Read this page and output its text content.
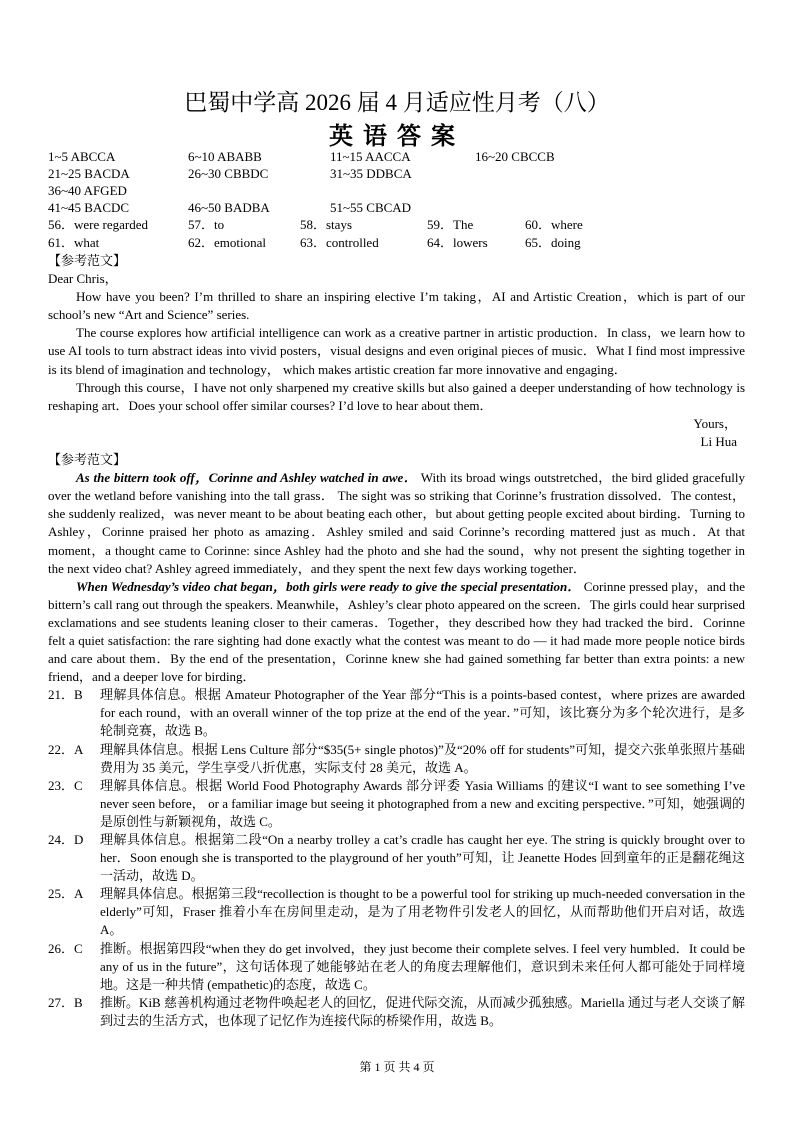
巴蜀中学高 2026 届 4 月适应性月考（八）
英语答案
1~5 ABCCA	6~10 ABABB	11~15 AACCA	16~20 CBCCB
21~25 BACDA	26~30 CBBDC	31~35 DDBCA
36~40 AFGED
41~45 BACDC	46~50 BADBA	51~55 CBCAD
56．were regarded	57．to	58．stays	59．The	60．where
61．what	62．emotional	63．controlled	64．lowers	65．doing

【参考范文】

Dear Chris，

How have you been? I’m thrilled to share an inspiring elective I’m taking，AI and Artistic Creation，which is part of our school’s new “Art and Science” series.

The course explores how artificial intelligence can work as a creative partner in artistic production．In class，we learn how to use AI tools to turn abstract ideas into vivid posters，visual designs and even original pieces of music．What I find most impressive is its blend of imagination and technology， which makes artistic creation far more innovative and engaging．

Through this course，I have not only sharpened my creative skills but also gained a deeper understanding of how technology is reshaping art．Does your school offer similar courses? I’d love to hear about them．

Yours，

Li Hua

【参考范文】

As the bittern took off，Corinne and Ashley watched in awe． With its broad wings outstretched，the bird glided gracefully over the wetland before vanishing into the tall grass． The sight was so striking that Corinne’s frustration dissolved．The contest，she suddenly realized，was never meant to be about beating each other，but about getting people excited about birding．Turning to Ashley，Corinne praised her photo as amazing．Ashley smiled and said Corinne’s recording mattered just as much．At that moment，a thought came to Corinne: since Ashley had the photo and she had the sound，why not present the sighting together in the next video chat? Ashley agreed immediately，and they spent the next few days working together．

When Wednesday’s video chat began，both girls were ready to give the special presentation． Corinne pressed play，and the bittern’s call rang out through the speakers. Meanwhile，Ashley’s clear photo appeared on the screen．The girls could hear surprised exclamations and see students leaning closer to their cameras．Together，they described how they had tracked the bird．Corinne felt a quiet satisfaction: the rare sighting had done exactly what the contest was meant to do — it had made more people notice birds and care about them．By the end of the presentation，Corinne knew she had gained something far better than extra points: a new friend，and a deeper love for birding．

21．B	理解具体信息。根据 Amateur Photographer of the Year 部分“This is a points-based contest，where prizes are awarded for each round，with an overall winner of the top prize at the end of the year．”可知，该比赛分为多个轮次进行，是多轮制竞赛，故选 B。
22．A	理解具体信息。根据 Lens Culture 部分“$35(5+ single photos)”及“20% off for students”可知，提交六张单张照片基础费用为 35 美元，学生享受八折优惠，实际支付 28 美元，故选 A。
23．C	理解具体信息。根据 World Food Photography Awards 部分评委 Yasia Williams 的建议“I want to see something I’ve never seen before， or a familiar image but seeing it photographed from a new and exciting perspective．”可知，她强调的是原创性与新颖视角，故选 C。
24．D	理解具体信息。根据第二段“On a nearby trolley a cat’s cradle has caught her eye. The string is quickly brought over to her．Soon enough she is transported to the playground of her youth”可知，让 Jeanette Hodes 回到童年的正是翻花绳这一活动，故选 D。
25．A	理解具体信息。根据第三段“recollection is thought to be a powerful tool for striking up much-needed conversation in the elderly”可知，Fraser 推着小车在房间里走动，是为了用老物件引发老人的回忆，从而帮助他们开启对话，故选 A。
26．C	推断。根据第四段“when they do get involved，they just become their complete selves. I feel very humbled．It could be any of us in the future”，这句话体现了她能够站在老人的角度去理解他们，意识到未来任何人都可能处于同样境地。这是一种共情 (empathetic)的态度，故选 C。
27．B	推断。KiB 慈善机构通过老物件唤起老人的回忆，促进代际交流，从而减少孤独感。Mariella 通过与老人交谈了解到过去的生活方式，也体现了记忆作为连接代际的桥梁作用，故选 B。
第 1 页 共 4 页
